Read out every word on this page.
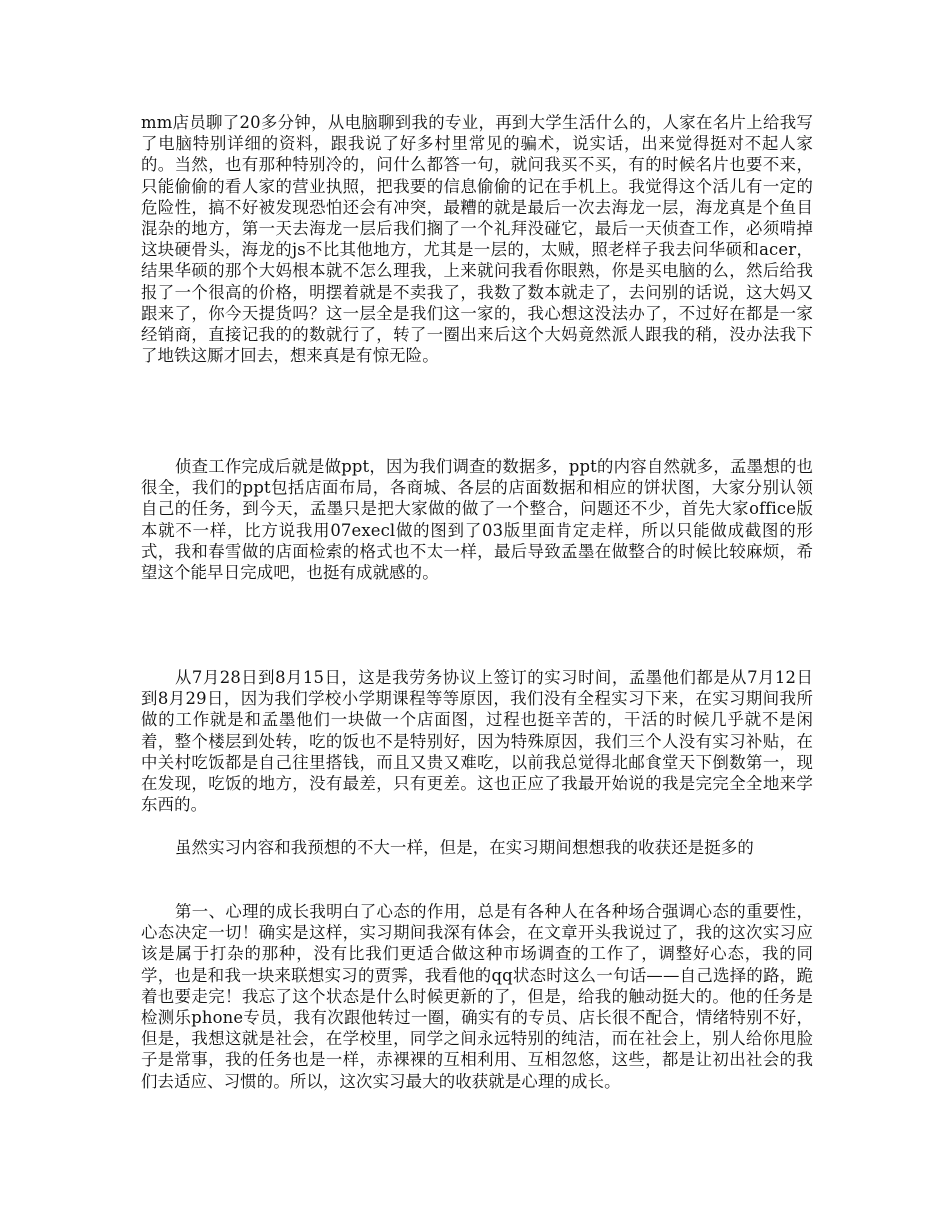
mm店员聊了20多分钟，从电脑聊到我的专业，再到大学生活什么的，人家在名片上给我写了电脑特别详细的资料，跟我说了好多村里常见的骗术，说实话，出来觉得挺对不起人家的。当然，也有那种特别冷的，问什么都答一句，就问我买不买，有的时候名片也要不来，只能偷偷的看人家的营业执照，把我要的信息偷偷的记在手机上。我觉得这个活儿有一定的危险性，搞不好被发现恐怕还会有冲突，最糟的就是最后一次去海龙一层，海龙真是个鱼目混杂的地方，第一天去海龙一层后我们搁了一个礼拜没碰它，最后一天侦查工作，必须啃掉这块硬骨头，海龙的js不比其他地方，尤其是一层的，太贼，照老样子我去问华硕和acer，结果华硕的那个大妈根本就不怎么理我，上来就问我看你眼熟，你是买电脑的么，然后给我报了一个很高的价格，明摆着就是不卖我了，我数了数本就走了，去问别的话说，这大妈又跟来了，你今天提货吗？这一层全是我们这一家的，我心想这没法办了，不过好在都是一家经销商，直接记我的的数就行了，转了一圈出来后这个大妈竟然派人跟我的稍，没办法我下了地铁这厮才回去，想来真是有惊无险。

侦查工作完成后就是做ppt，因为我们调查的数据多，ppt的内容自然就多，孟墨想的也很全，我们的ppt包括店面布局，各商城、各层的店面数据和相应的饼状图，大家分别认领自己的任务，到今天，孟墨只是把大家做的做了一个整合，问题还不少，首先大家office版本就不一样，比方说我用07execl做的图到了03版里面肯定走样，所以只能做成截图的形式，我和春雪做的店面检索的格式也不太一样，最后导致孟墨在做整合的时候比较麻烦，希望这个能早日完成吧，也挺有成就感的。

从7月28日到8月15日，这是我劳务协议上签订的实习时间，孟墨他们都是从7月12日到8月29日，因为我们学校小学期课程等等原因，我们没有全程实习下来，在实习期间我所做的工作就是和孟墨他们一块做一个店面图，过程也挺辛苦的，干活的时候几乎就不是闲着，整个楼层到处转，吃的饭也不是特别好，因为特殊原因，我们三个人没有实习补贴，在中关村吃饭都是自己往里搭钱，而且又贵又难吃，以前我总觉得北邮食堂天下倒数第一，现在发现，吃饭的地方，没有最差，只有更差。这也正应了我最开始说的我是完完全全地来学东西的。

虽然实习内容和我预想的不大一样，但是，在实习期间想想我的收获还是挺多的

第一、心理的成长我明白了心态的作用，总是有各种人在各种场合强调心态的重要性，心态决定一切！确实是这样，实习期间我深有体会，在文章开头我说过了，我的这次实习应该是属于打杂的那种，没有比我们更适合做这种市场调查的工作了，调整好心态，我的同学，也是和我一块来联想实习的贾霁，我看他的qq状态时这么一句话——自己选择的路，跪着也要走完！我忘了这个状态是什么时候更新的了，但是，给我的触动挺大的。他的任务是检测乐phone专员，我有次跟他转过一圈，确实有的专员、店长很不配合，情绪特别不好，但是，我想这就是社会，在学校里，同学之间永远特别的纯洁，而在社会上，别人给你甩脸子是常事，我的任务也是一样，赤裸裸的互相利用、互相忽悠，这些，都是让初出社会的我们去适应、习惯的。所以，这次实习最大的收获就是心理的成长。
